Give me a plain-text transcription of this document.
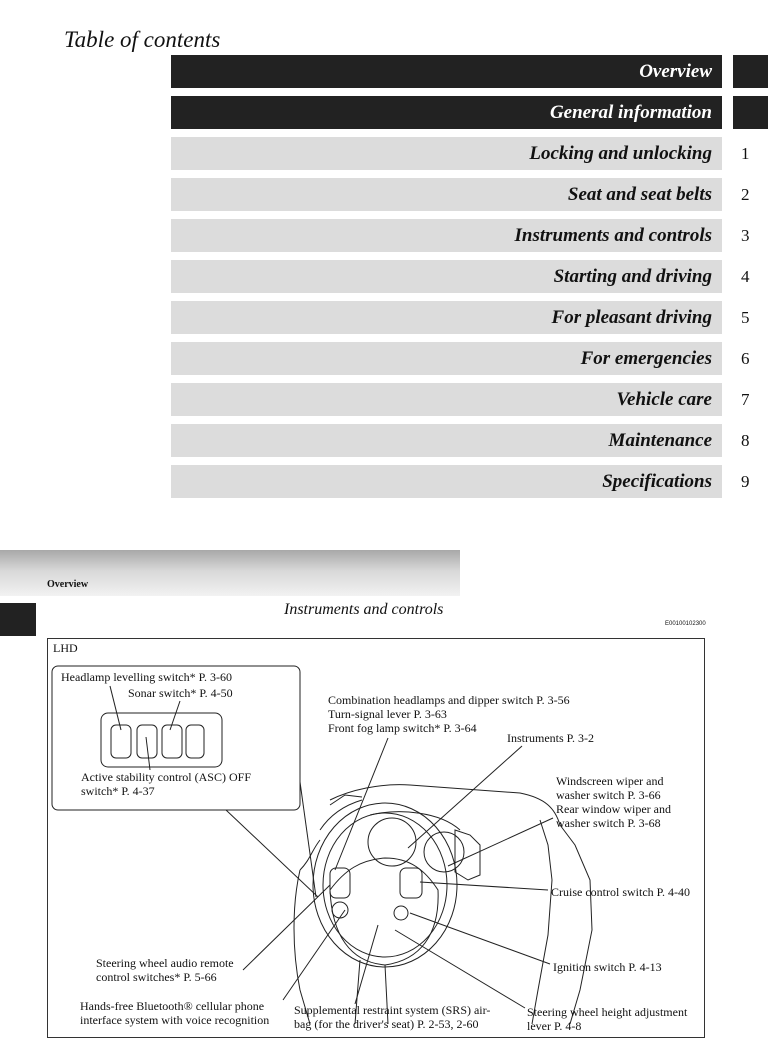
Table of contents
Overview
General information
Locking and unlocking	1
Seat and seat belts	2
Instruments and controls	3
Starting and driving	4
For pleasant driving	5
For emergencies	6
Vehicle care	7
Maintenance	8
Specifications	9
Overview
Instruments and controls
E00100102300
LHD
Headlamp levelling switch* P. 3-60
Sonar switch* P. 4-50
Active stability control (ASC) OFF
switch* P. 4-37
Combination headlamps and dipper switch P. 3-56
Turn-signal lever P. 3-63
Front fog lamp switch* P. 3-64
Instruments P. 3-2
Windscreen wiper and
washer switch P. 3-66
Rear window wiper and
washer switch P. 3-68
Cruise control switch P. 4-40
Ignition switch P. 4-13
Steering wheel audio remote
control switches* P. 5-66
Hands-free Bluetooth® cellular phone
interface system with voice recognition
Supplemental restraint system (SRS) air-
bag (for the driver's seat) P. 2-53, 2-60
Steering wheel height adjustment
lever P. 4-8
